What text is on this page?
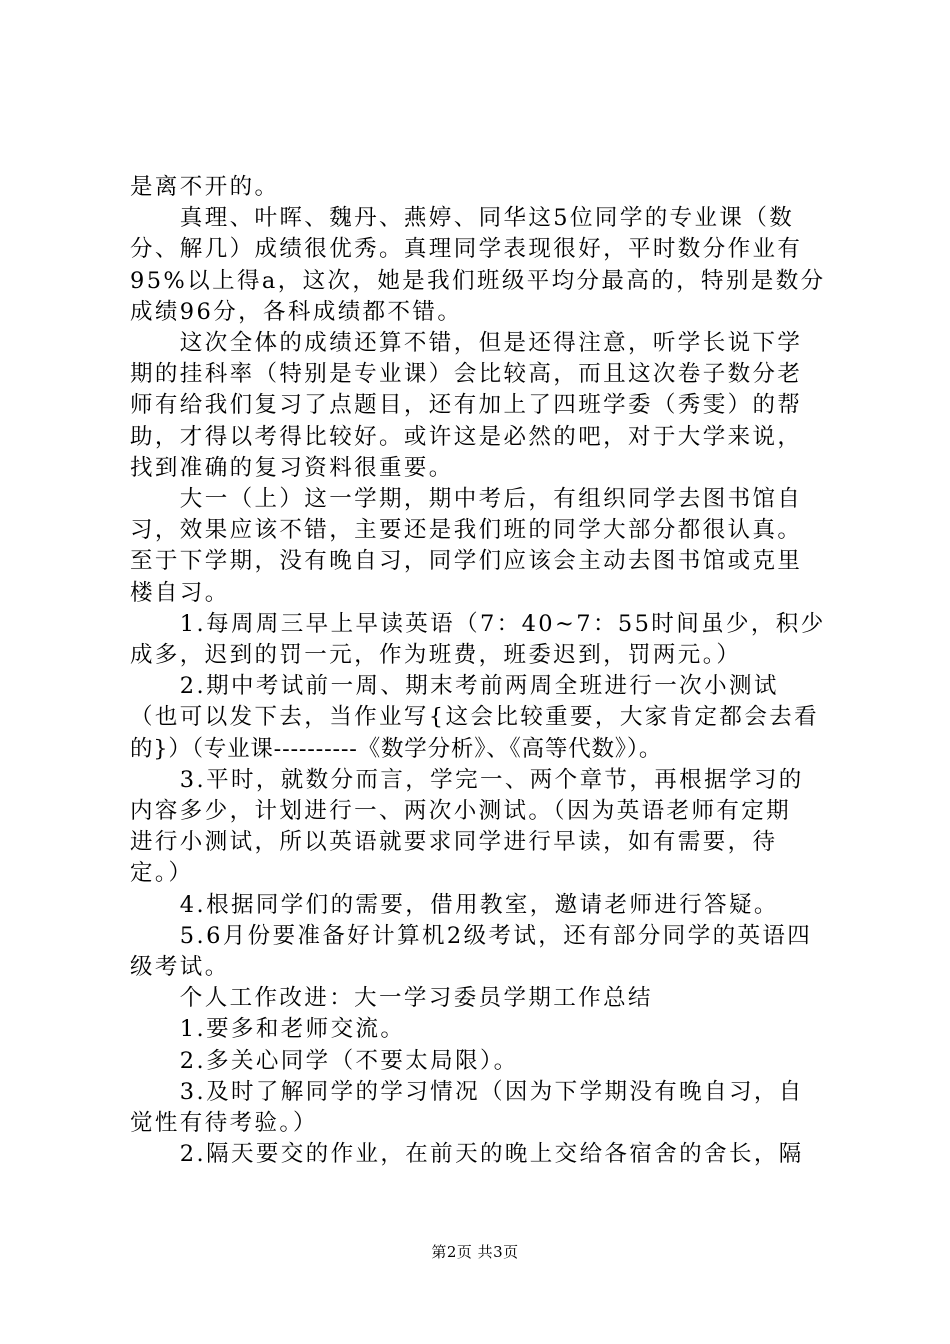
是离不开的。
　　真理、叶晖、魏丹、燕婷、同华这5位同学的专业课（数
分、解几）成绩很优秀。真理同学表现很好，平时数分作业有
95%以上得a，这次，她是我们班级平均分最高的，特别是数分
成绩96分，各科成绩都不错。
　　这次全体的成绩还算不错，但是还得注意，听学长说下学
期的挂科率（特别是专业课）会比较高，而且这次卷子数分老
师有给我们复习了点题目，还有加上了四班学委（秀雯）的帮
助，才得以考得比较好。或许这是必然的吧，对于大学来说，
找到准确的复习资料很重要。
　　大一（上）这一学期，期中考后，有组织同学去图书馆自
习，效果应该不错，主要还是我们班的同学大部分都很认真。
至于下学期，没有晚自习，同学们应该会主动去图书馆或克里
楼自习。
　　1.每周周三早上早读英语（7：40~7：55时间虽少，积少
成多，迟到的罚一元，作为班费，班委迟到，罚两元。）
　　2.期中考试前一周、期末考前两周全班进行一次小测试
（也可以发下去，当作业写{这会比较重要，大家肯定都会去看
的}）（专业课----------《数学分析》、《高等代数》）。
　　3.平时，就数分而言，学完一、两个章节，再根据学习的
内容多少，计划进行一、两次小测试。（因为英语老师有定期
进行小测试，所以英语就要求同学进行早读，如有需要，待
定。）
　　4.根据同学们的需要，借用教室，邀请老师进行答疑。
　　5.6月份要准备好计算机2级考试，还有部分同学的英语四
级考试。
　　个人工作改进：大一学习委员学期工作总结
　　1.要多和老师交流。
　　2.多关心同学（不要太局限）。
　　3.及时了解同学的学习情况（因为下学期没有晚自习，自
觉性有待考验。）
　　2.隔天要交的作业，在前天的晚上交给各宿舍的舍长，隔
第2页 共3页
